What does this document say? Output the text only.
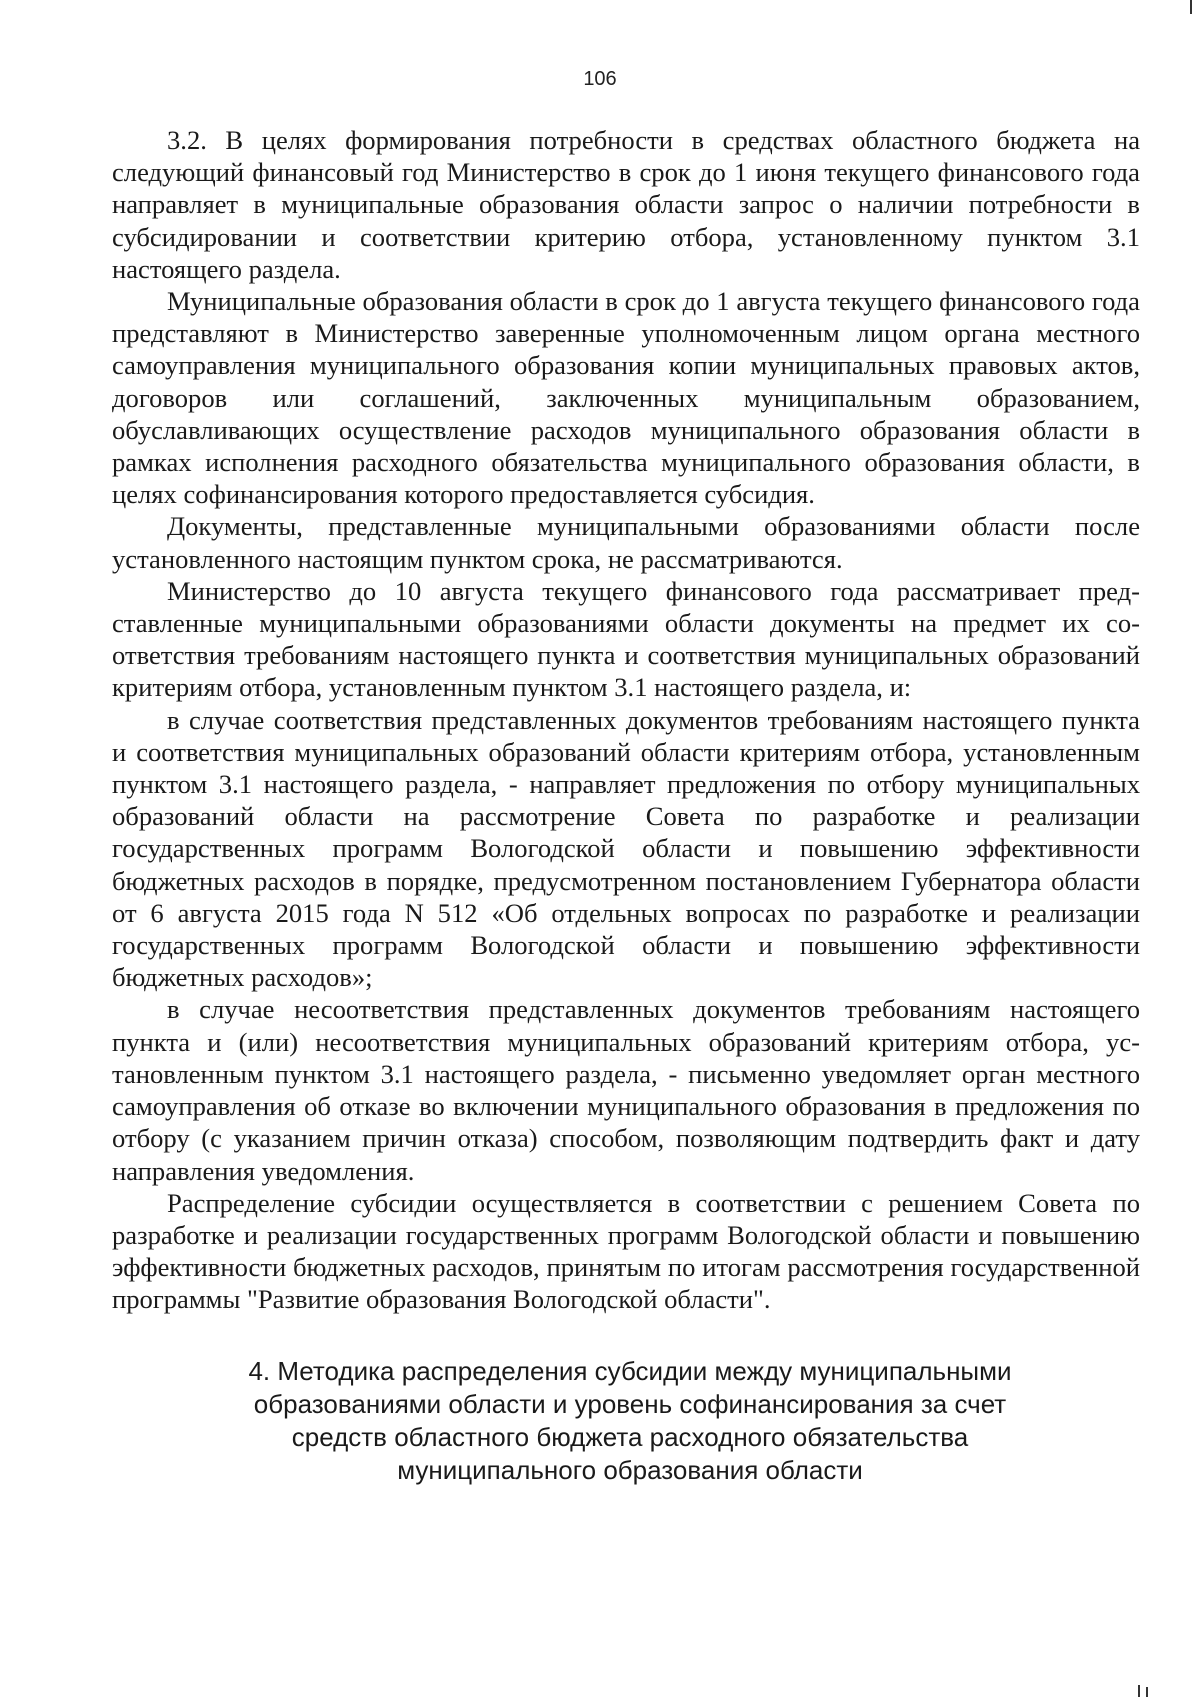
106

3.2. В целях формирования потребности в средствах областного бюджета на следующий финансовый год Министерство в срок до 1 июня текущего финансового года направляет в муниципальные образования области запрос о наличии потребности в субсидировании и соответствии критерию отбора, установленному пунктом 3.1 настоящего раздела.

Муниципальные образования области в срок до 1 августа текущего финансового года представляют в Министерство заверенные уполномоченным лицом органа местного самоуправления муниципального образования копии муниципальных правовых актов, договоров или соглашений, заключенных муниципальным образованием, обуславливающих осуществление расходов муниципального образования области в рамках исполнения расходного обязательства муниципального образования области, в целях софинансирования которого предоставляется субсидия.

Документы, представленные муниципальными образованиями области после установленного настоящим пунктом срока, не рассматриваются.

Министерство до 10 августа текущего финансового года рассматривает представленные муниципальными образованиями области документы на предмет их соответствия требованиям настоящего пункта и соответствия муниципальных образований критериям отбора, установленным пунктом 3.1 настоящего раздела, и:

в случае соответствия представленных документов требованиям настоящего пункта и соответствия муниципальных образований области критериям отбора, установленным пунктом 3.1 настоящего раздела, - направляет предложения по отбору муниципальных образований области на рассмотрение Совета по разработке и реализации государственных программ Вологодской области и повышению эффективности бюджетных расходов в порядке, предусмотренном постановлением Губернатора области от 6 августа 2015 года N 512 «Об отдельных вопросах по разработке и реализации государственных программ Вологодской области и повышению эффективности бюджетных расходов»;

в случае несоответствия представленных документов требованиям настоящего пункта и (или) несоответствия муниципальных образований критериям отбора, установленным пунктом 3.1 настоящего раздела, - письменно уведомляет орган местного самоуправления об отказе во включении муниципального образования в предложения по отбору (с указанием причин отказа) способом, позволяющим подтвердить факт и дату направления уведомления.

Распределение субсидии осуществляется в соответствии с решением Совета по разработке и реализации государственных программ Вологодской области и повышению эффективности бюджетных расходов, принятым по итогам рассмотрения государственной программы "Развитие образования Вологодской области".

4. Методика распределения субсидии между муниципальными
образованиями области и уровень софинансирования за счет
средств областного бюджета расходного обязательства
муниципального образования области
